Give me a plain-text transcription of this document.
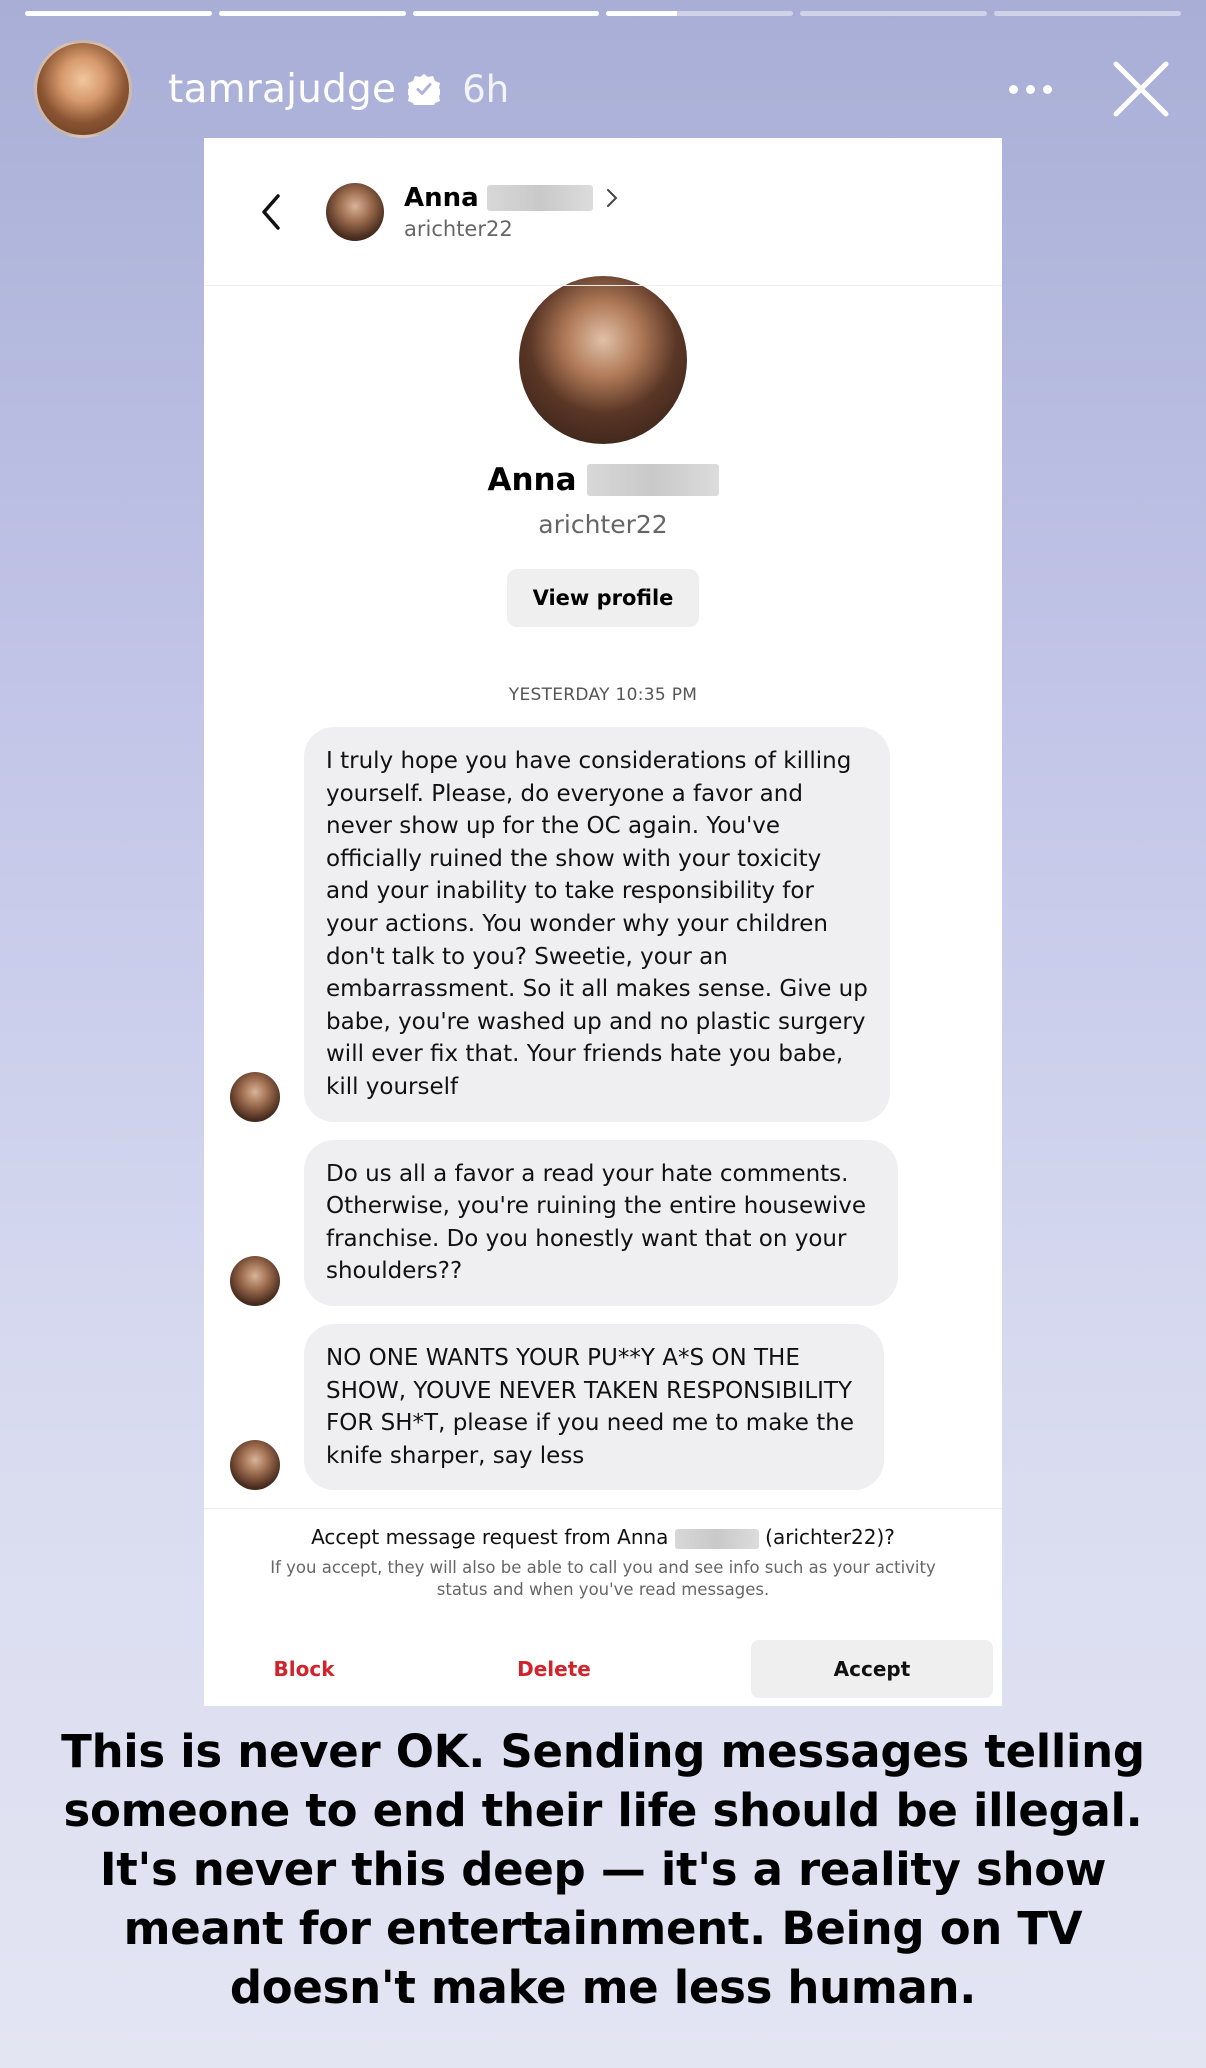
tamrajudge 6h
Anna
arichter22
Anna
arichter22
View profile
YESTERDAY 10:35 PM
I truly hope you have considerations of killing yourself. Please, do everyone a favor and never show up for the OC again. You've officially ruined the show with your toxicity and your inability to take responsibility for your actions. You wonder why your children don't talk to you? Sweetie, your an embarrassment. So it all makes sense. Give up babe, you're washed up and no plastic surgery will ever fix that. Your friends hate you babe, kill yourself
Do us all a favor a read your hate comments. Otherwise, you're ruining the entire housewive franchise. Do you honestly want that on your shoulders??
NO ONE WANTS YOUR PU**Y A*S ON THE SHOW, YOUVE NEVER TAKEN RESPONSIBILITY FOR SH*T, please if you need me to make the knife sharper, say less
Accept message request from Anna	(arichter22)?
If you accept, they will also be able to call you and see info such as your activity status and when you've read messages.
Block	Delete	Accept
This is never OK. Sending messages telling someone to end their life should be illegal. It's never this deep — it's a reality show meant for entertainment. Being on TV doesn't make me less human.
